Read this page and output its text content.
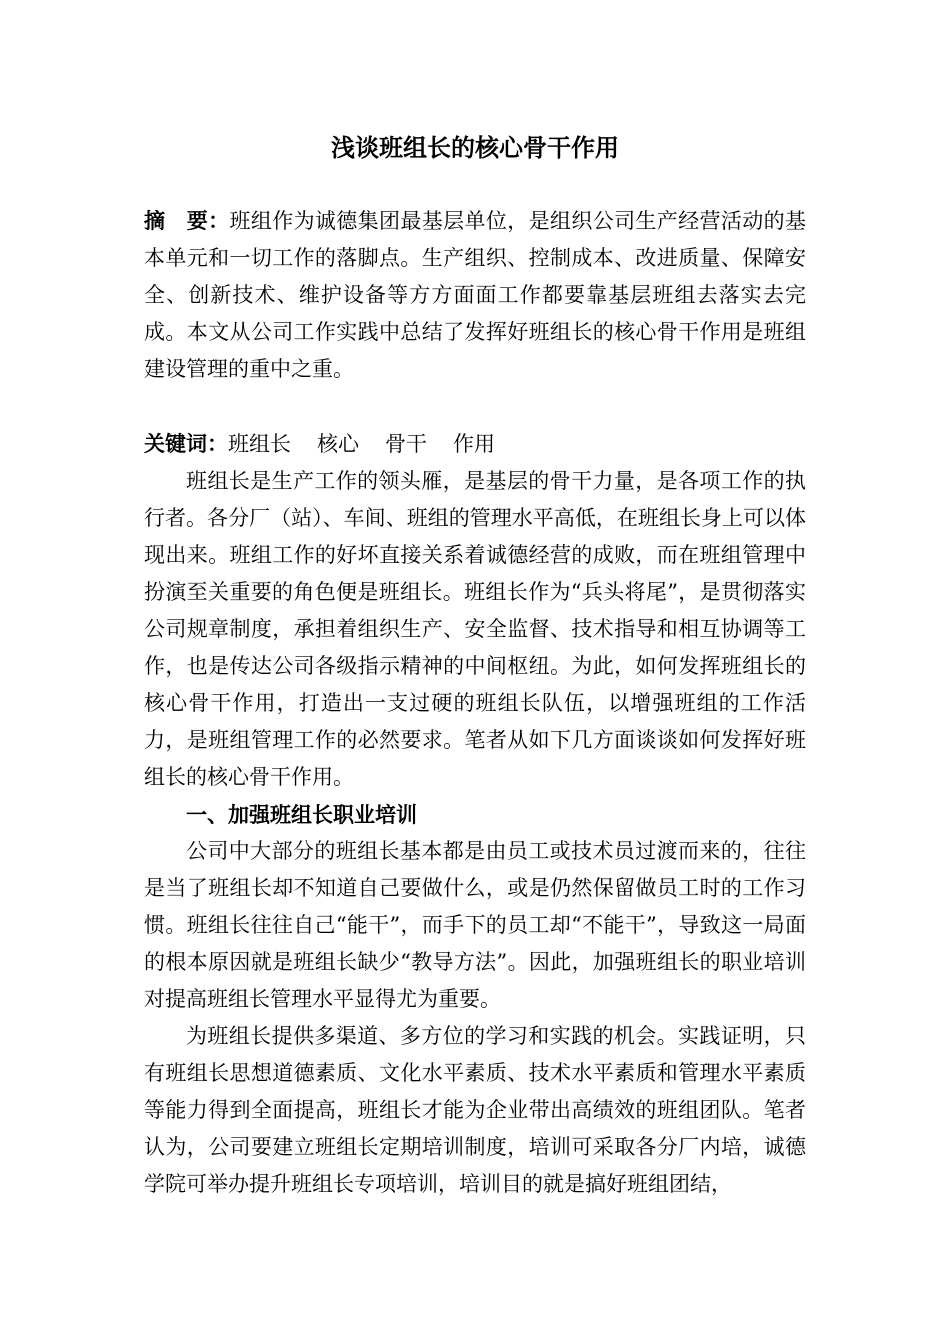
浅谈班组长的核心骨干作用

摘　要：班组作为诚德集团最基层单位，是组织公司生产经营活动的基本单元和一切工作的落脚点。生产组织、控制成本、改进质量、保障安全、创新技术、维护设备等方方面面工作都要靠基层班组去落实去完成。本文从公司工作实践中总结了发挥好班组长的核心骨干作用是班组建设管理的重中之重。

关键词：班组长 核心 骨干 作用

班组长是生产工作的领头雁，是基层的骨干力量，是各项工作的执行者。各分厂（站）、车间、班组的管理水平高低，在班组长身上可以体现出来。班组工作的好坏直接关系着诚德经营的成败，而在班组管理中扮演至关重要的角色便是班组长。班组长作为“兵头将尾”，是贯彻落实公司规章制度，承担着组织生产、安全监督、技术指导和相互协调等工作，也是传达公司各级指示精神的中间枢纽。为此，如何发挥班组长的核心骨干作用，打造出一支过硬的班组长队伍，以增强班组的工作活力，是班组管理工作的必然要求。笔者从如下几方面谈谈如何发挥好班组长的核心骨干作用。

一、加强班组长职业培训

公司中大部分的班组长基本都是由员工或技术员过渡而来的，往往是当了班组长却不知道自己要做什么，或是仍然保留做员工时的工作习惯。班组长往往自己“能干”，而手下的员工却“不能干”，导致这一局面的根本原因就是班组长缺少“教导方法”。因此，加强班组长的职业培训对提高班组长管理水平显得尤为重要。

为班组长提供多渠道、多方位的学习和实践的机会。实践证明，只有班组长思想道德素质、文化水平素质、技术水平素质和管理水平素质等能力得到全面提高，班组长才能为企业带出高绩效的班组团队。笔者认为，公司要建立班组长定期培训制度，培训可采取各分厂内培，诚德学院可举办提升班组长专项培训，培训目的就是搞好班组团结，
